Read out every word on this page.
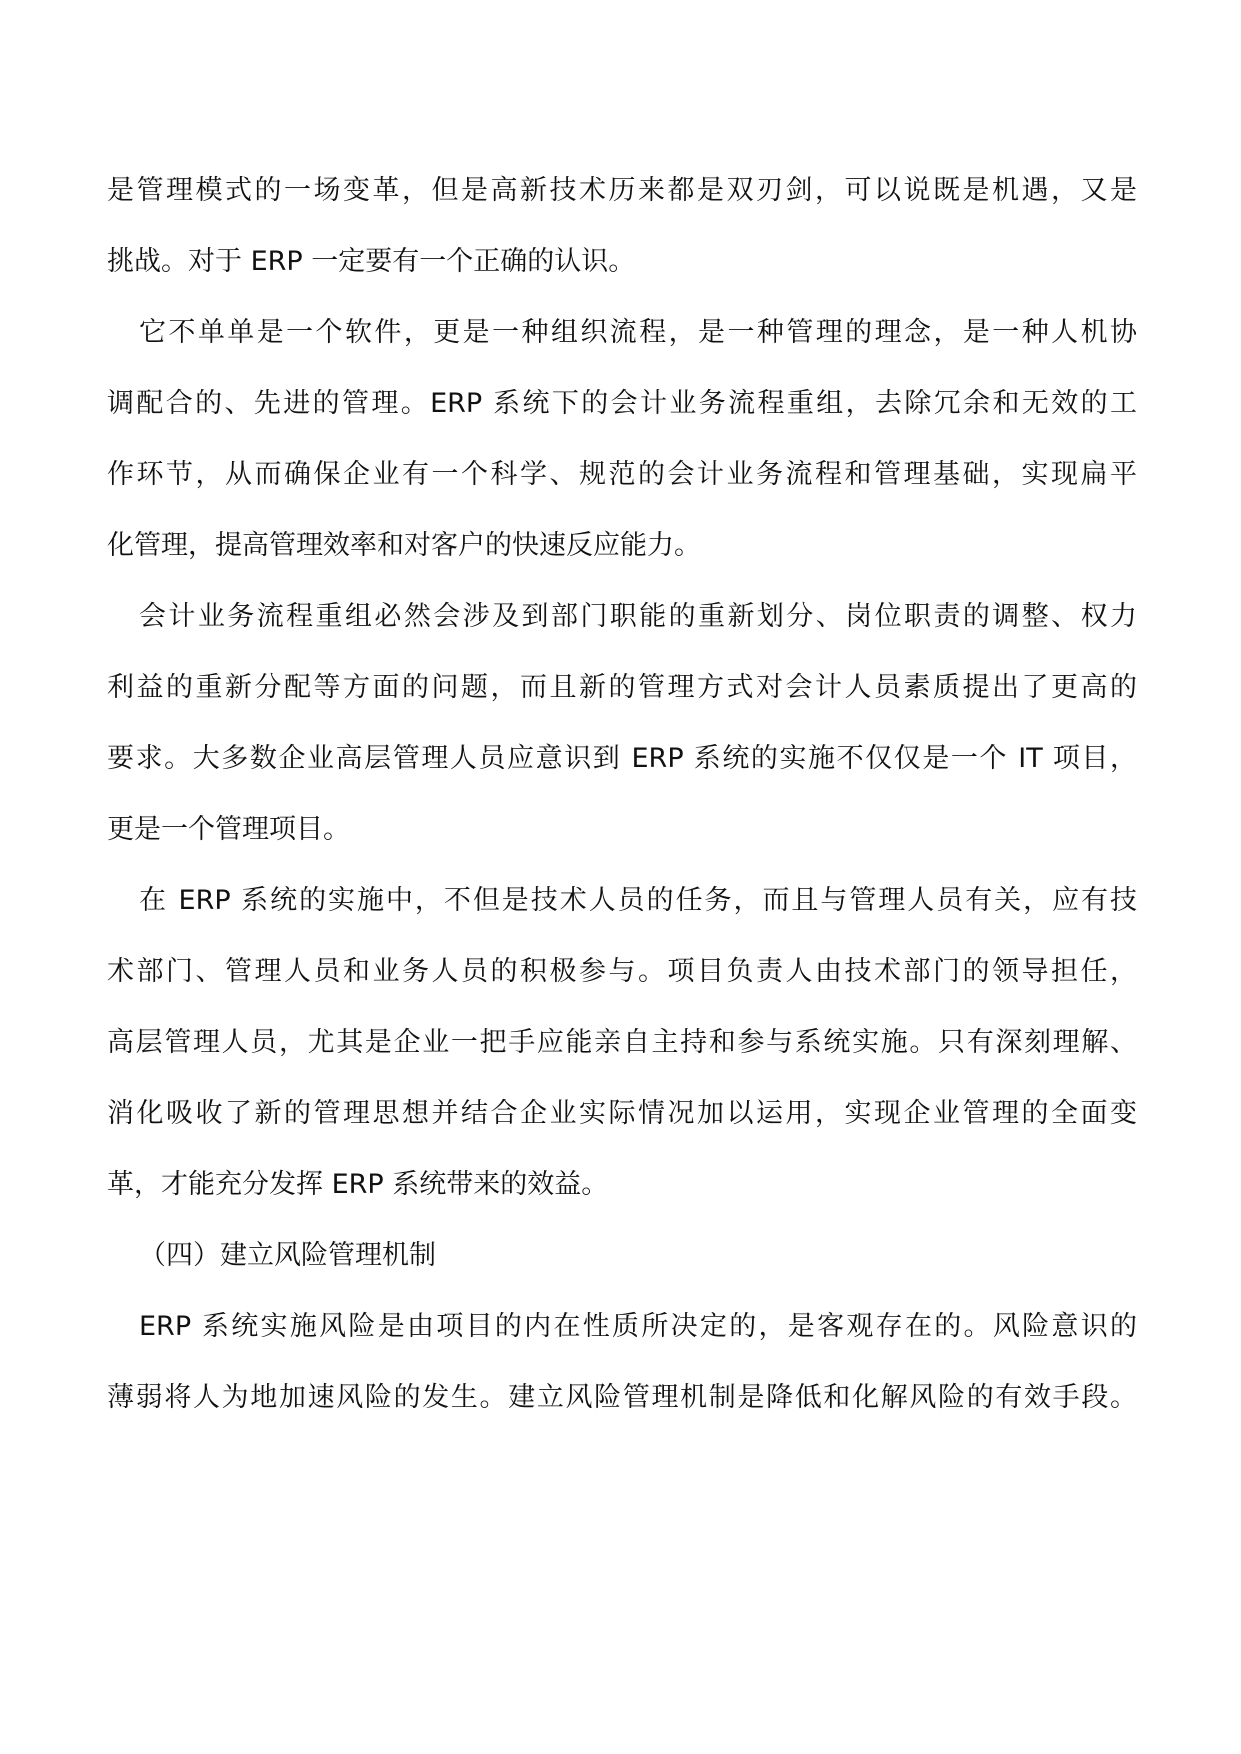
是管理模式的一场变革，但是高新技术历来都是双刃剑，可以说既是机遇，又是
挑战。对于 ERP 一定要有一个正确的认识。
它不单单是一个软件，更是一种组织流程，是一种管理的理念，是一种人机协
调配合的、先进的管理。ERP 系统下的会计业务流程重组，去除冗余和无效的工
作环节，从而确保企业有一个科学、规范的会计业务流程和管理基础，实现扁平
化管理，提高管理效率和对客户的快速反应能力。
会计业务流程重组必然会涉及到部门职能的重新划分、岗位职责的调整、权力
利益的重新分配等方面的问题，而且新的管理方式对会计人员素质提出了更高的
要求。大多数企业高层管理人员应意识到 ERP 系统的实施不仅仅是一个 IT 项目，
更是一个管理项目。
在 ERP 系统的实施中，不但是技术人员的任务，而且与管理人员有关，应有技
术部门、管理人员和业务人员的积极参与。项目负责人由技术部门的领导担任，
高层管理人员，尤其是企业一把手应能亲自主持和参与系统实施。只有深刻理解、
消化吸收了新的管理思想并结合企业实际情况加以运用，实现企业管理的全面变
革，才能充分发挥 ERP 系统带来的效益。
（四）建立风险管理机制
ERP 系统实施风险是由项目的内在性质所决定的，是客观存在的。风险意识的
薄弱将人为地加速风险的发生。建立风险管理机制是降低和化解风险的有效手段。
